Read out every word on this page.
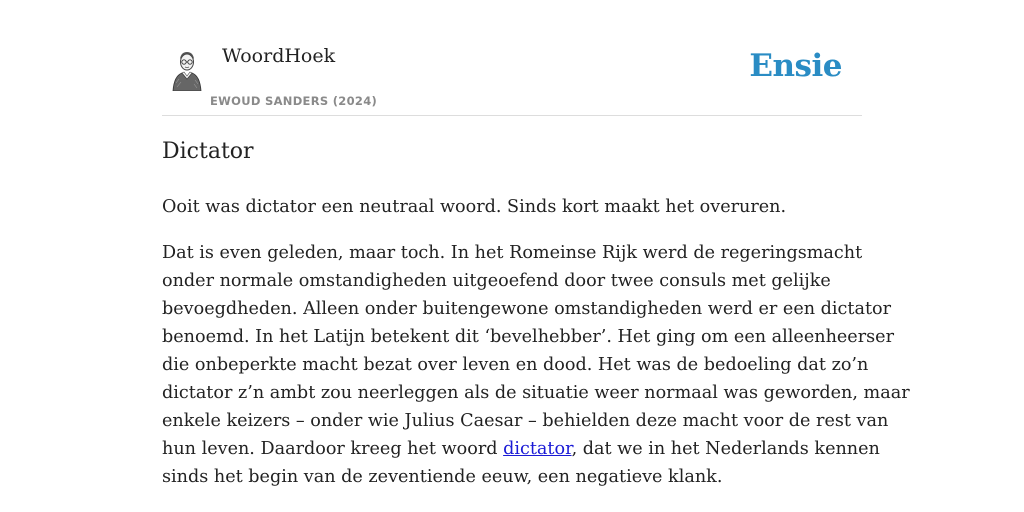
WoordHoek
EWOUD SANDERS (2024)
Ensie
Dictator

Ooit was dictator een neutraal woord. Sinds kort maakt het overuren.

Dat is even geleden, maar toch. In het Romeinse Rijk werd de regeringsmacht
onder normale omstandigheden uitgeoefend door twee consuls met gelijke
bevoegdheden. Alleen onder buitengewone omstandigheden werd er een dictator
benoemd. In het Latijn betekent dit ‘bevelhebber’. Het ging om een alleenheerser
die onbeperkte macht bezat over leven en dood. Het was de bedoeling dat zo’n
dictator z’n ambt zou neerleggen als de situatie weer normaal was geworden, maar
enkele keizers – onder wie Julius Caesar – behielden deze macht voor de rest van
hun leven. Daardoor kreeg het woord dictator, dat we in het Nederlands kennen
sinds het begin van de zeventiende eeuw, een negatieve klank.
